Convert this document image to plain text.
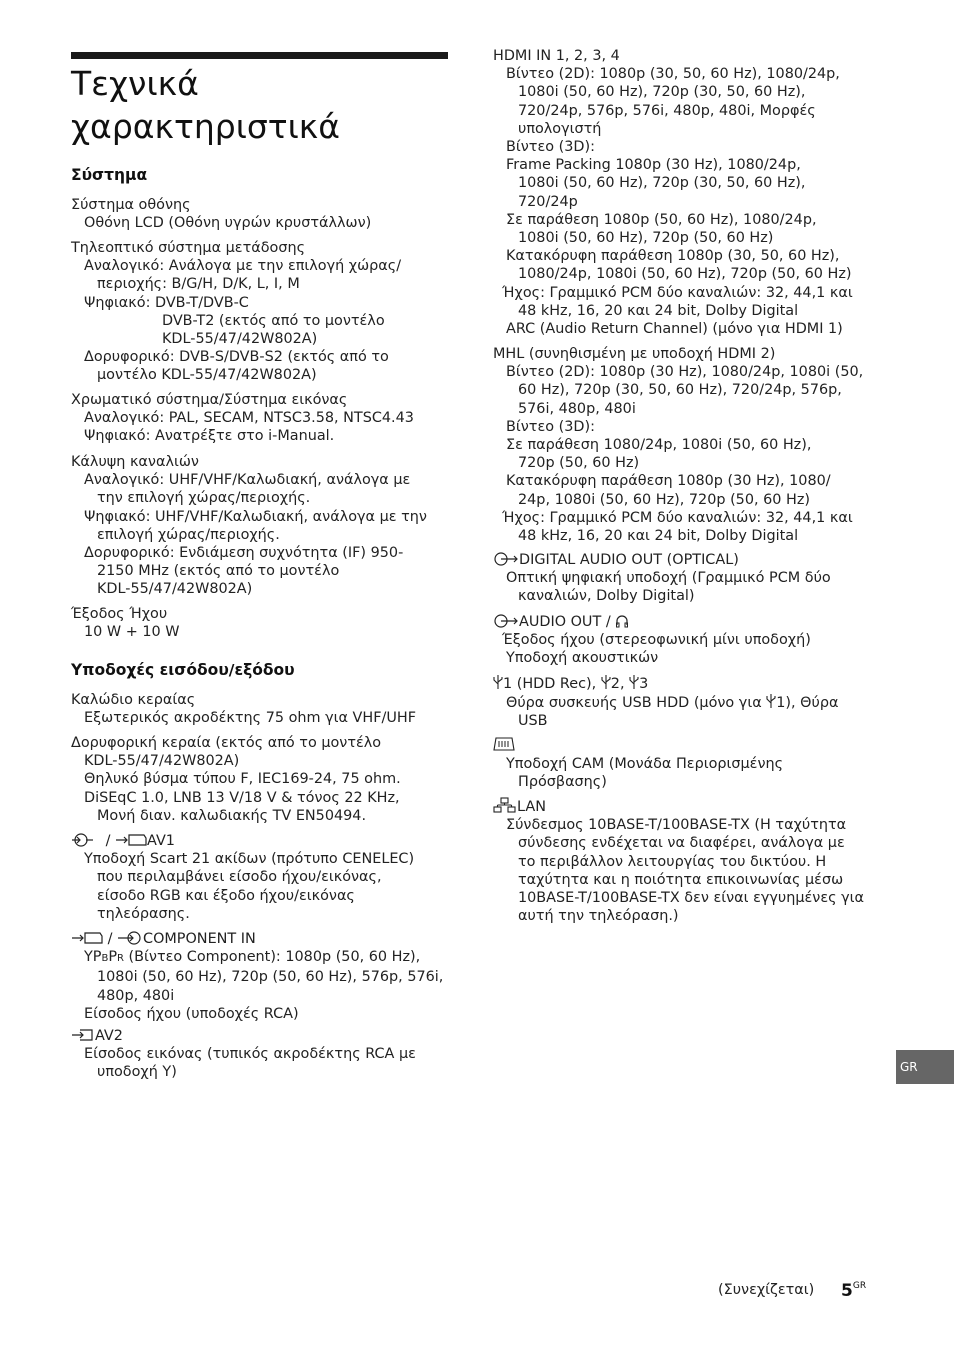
Τεχνικά
χαρακτηριστικά
Σύστημα
Σύστημα οθόνης
Οθόνη LCD (Οθόνη υγρών κρυστάλλων)
Τηλεοπτικό σύστημα μετάδοσης
Αναλογικό: Ανάλογα με την επιλογή χώρας/
περιοχής: B/G/H, D/K, L, I, M
Ψηφιακό: DVB-T/DVB-C
DVB-T2 (εκτός από το μοντέλο
KDL-55/47/42W802A)
Δορυφορικό: DVB-S/DVB-S2 (εκτός από το
μοντέλο KDL-55/47/42W802A)
Χρωματικό σύστημα/Σύστημα εικόνας
Αναλογικό: PAL, SECAM, NTSC3.58, NTSC4.43
Ψηφιακό: Ανατρέξτε στο i-Manual.
Κάλυψη καναλιών
Αναλογικό: UHF/VHF/Καλωδιακή, ανάλογα με
την επιλογή χώρας/περιοχής.
Ψηφιακό: UHF/VHF/Καλωδιακή, ανάλογα με την
επιλογή χώρας/περιοχής.
Δορυφορικό: Ενδιάμεση συχνότητα (IF) 950-
2150 MHz (εκτός από το μοντέλο
KDL-55/47/42W802A)
Έξοδος Ήχου
10 W + 10 W
Υποδοχές εισόδου/εξόδου
Καλώδιο κεραίας
Εξωτερικός ακροδέκτης 75 ohm για VHF/UHF
Δορυφορική κεραία (εκτός από το μοντέλο
KDL-55/47/42W802A)
Θηλυκό βύσμα τύπου F, IEC169-24, 75 ohm.
DiSEqC 1.0, LNB 13 V/18 V & τόνος 22 KHz,
Μονή διαν. καλωδιακής TV EN50494.
/	AV1
Υποδοχή Scart 21 ακίδων (πρότυπο CENELEC)
που περιλαμβάνει είσοδο ήχου/εικόνας,
είσοδο RGB και έξοδο ήχου/εικόνας
τηλεόρασης.
/ COMPONENT IN
YPBPR (Βίντεο Component): 1080p (50, 60 Hz),
1080i (50, 60 Hz), 720p (50, 60 Hz), 576p, 576i,
480p, 480i
Είσοδος ήχου (υποδοχές RCA)
AV2
Είσοδος εικόνας (τυπικός ακροδέκτης RCA με
υποδοχή Y)
HDMI IN 1, 2, 3, 4
Βίντεο (2D): 1080p (30, 50, 60 Hz), 1080/24p,
1080i (50, 60 Hz), 720p (30, 50, 60 Hz),
720/24p, 576p, 576i, 480p, 480i, Μορφές
υπολογιστή
Βίντεο (3D):
Frame Packing 1080p (30 Hz), 1080/24p,
1080i (50, 60 Hz), 720p (30, 50, 60 Hz),
720/24p
Σε παράθεση 1080p (50, 60 Hz), 1080/24p,
1080i (50, 60 Hz), 720p (50, 60 Hz)
Κατακόρυφη παράθεση 1080p (30, 50, 60 Hz),
1080/24p, 1080i (50, 60 Hz), 720p (50, 60 Hz)
Ήχος: Γραμμικό PCM δύο καναλιών: 32, 44,1 και
48 kHz, 16, 20 και 24 bit, Dolby Digital
ARC (Audio Return Channel) (μόνο για HDMI 1)
MHL (συνηθισμένη με υποδοχή HDMI 2)
Βίντεο (2D): 1080p (30 Hz), 1080/24p, 1080i (50,
60 Hz), 720p (30, 50, 60 Hz), 720/24p, 576p,
576i, 480p, 480i
Βίντεο (3D):
Σε παράθεση 1080/24p, 1080i (50, 60 Hz),
720p (50, 60 Hz)
Κατακόρυφη παράθεση 1080p (30 Hz), 1080/
24p, 1080i (50, 60 Hz), 720p (50, 60 Hz)
Ήχος: Γραμμικό PCM δύο καναλιών: 32, 44,1 και
48 kHz, 16, 20 και 24 bit, Dolby Digital
DIGITAL AUDIO OUT (OPTICAL)
Οπτική ψηφιακή υποδοχή (Γραμμικό PCM δύο
καναλιών, Dolby Digital)
AUDIO OUT /
Έξοδος ήχου (στερεοφωνική μίνι υποδοχή)
Υποδοχή ακουστικών
1 (HDD Rec), 2, 3
Θύρα συσκευής USB HDD (μόνο για 1), Θύρα
USB
Υποδοχή CAM (Μονάδα Περιορισμένης
Πρόσβασης)
LAN
Σύνδεσμος 10BASE-T/100BASE-TX (Η ταχύτητα
σύνδεσης ενδέχεται να διαφέρει, ανάλογα με
το περιβάλλον λειτουργίας του δικτύου. Η
ταχύτητα και η ποιότητα επικοινωνίας μέσω
10BASE-T/100BASE-TX δεν είναι εγγυημένες για
αυτή την τηλεόραση.)
GR
(Συνεχίζεται) $5^{GR}$
